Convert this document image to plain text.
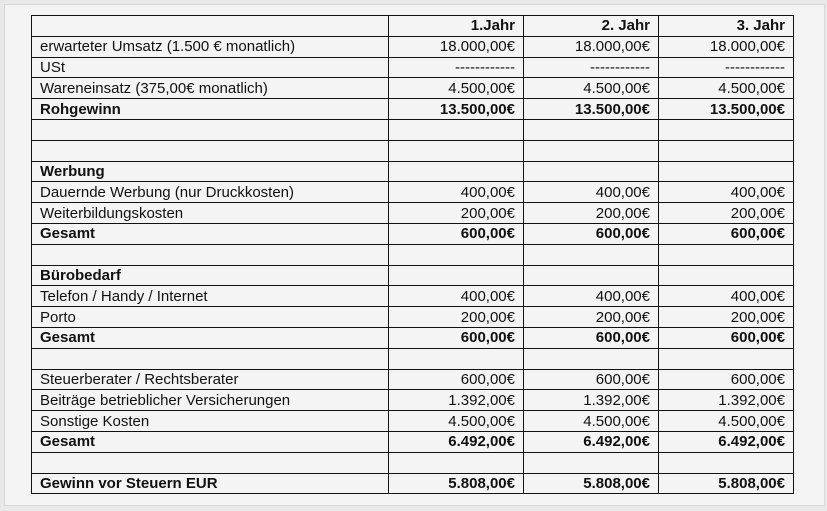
	1.Jahr	2. Jahr	3. Jahr
erwarteter Umsatz (1.500 € monatlich)	18.000,00€	18.000,00€	18.000,00€
USt	------------	------------	------------
Wareneinsatz (375,00€ monatlich)	4.500,00€	4.500,00€	4.500,00€
Rohgewinn	13.500,00€	13.500,00€	13.500,00€

Werbung			
Dauernde Werbung (nur Druckkosten)	400,00€	400,00€	400,00€
Weiterbildungskosten	200,00€	200,00€	200,00€
Gesamt	600,00€	600,00€	600,00€

Bürobedarf			
Telefon / Handy / Internet	400,00€	400,00€	400,00€
Porto	200,00€	200,00€	200,00€
Gesamt	600,00€	600,00€	600,00€

Steuerberater / Rechtsberater	600,00€	600,00€	600,00€
Beiträge betrieblicher Versicherungen	1.392,00€	1.392,00€	1.392,00€
Sonstige Kosten	4.500,00€	4.500,00€	4.500,00€
Gesamt	6.492,00€	6.492,00€	6.492,00€

Gewinn vor Steuern EUR	5.808,00€	5.808,00€	5.808,00€
